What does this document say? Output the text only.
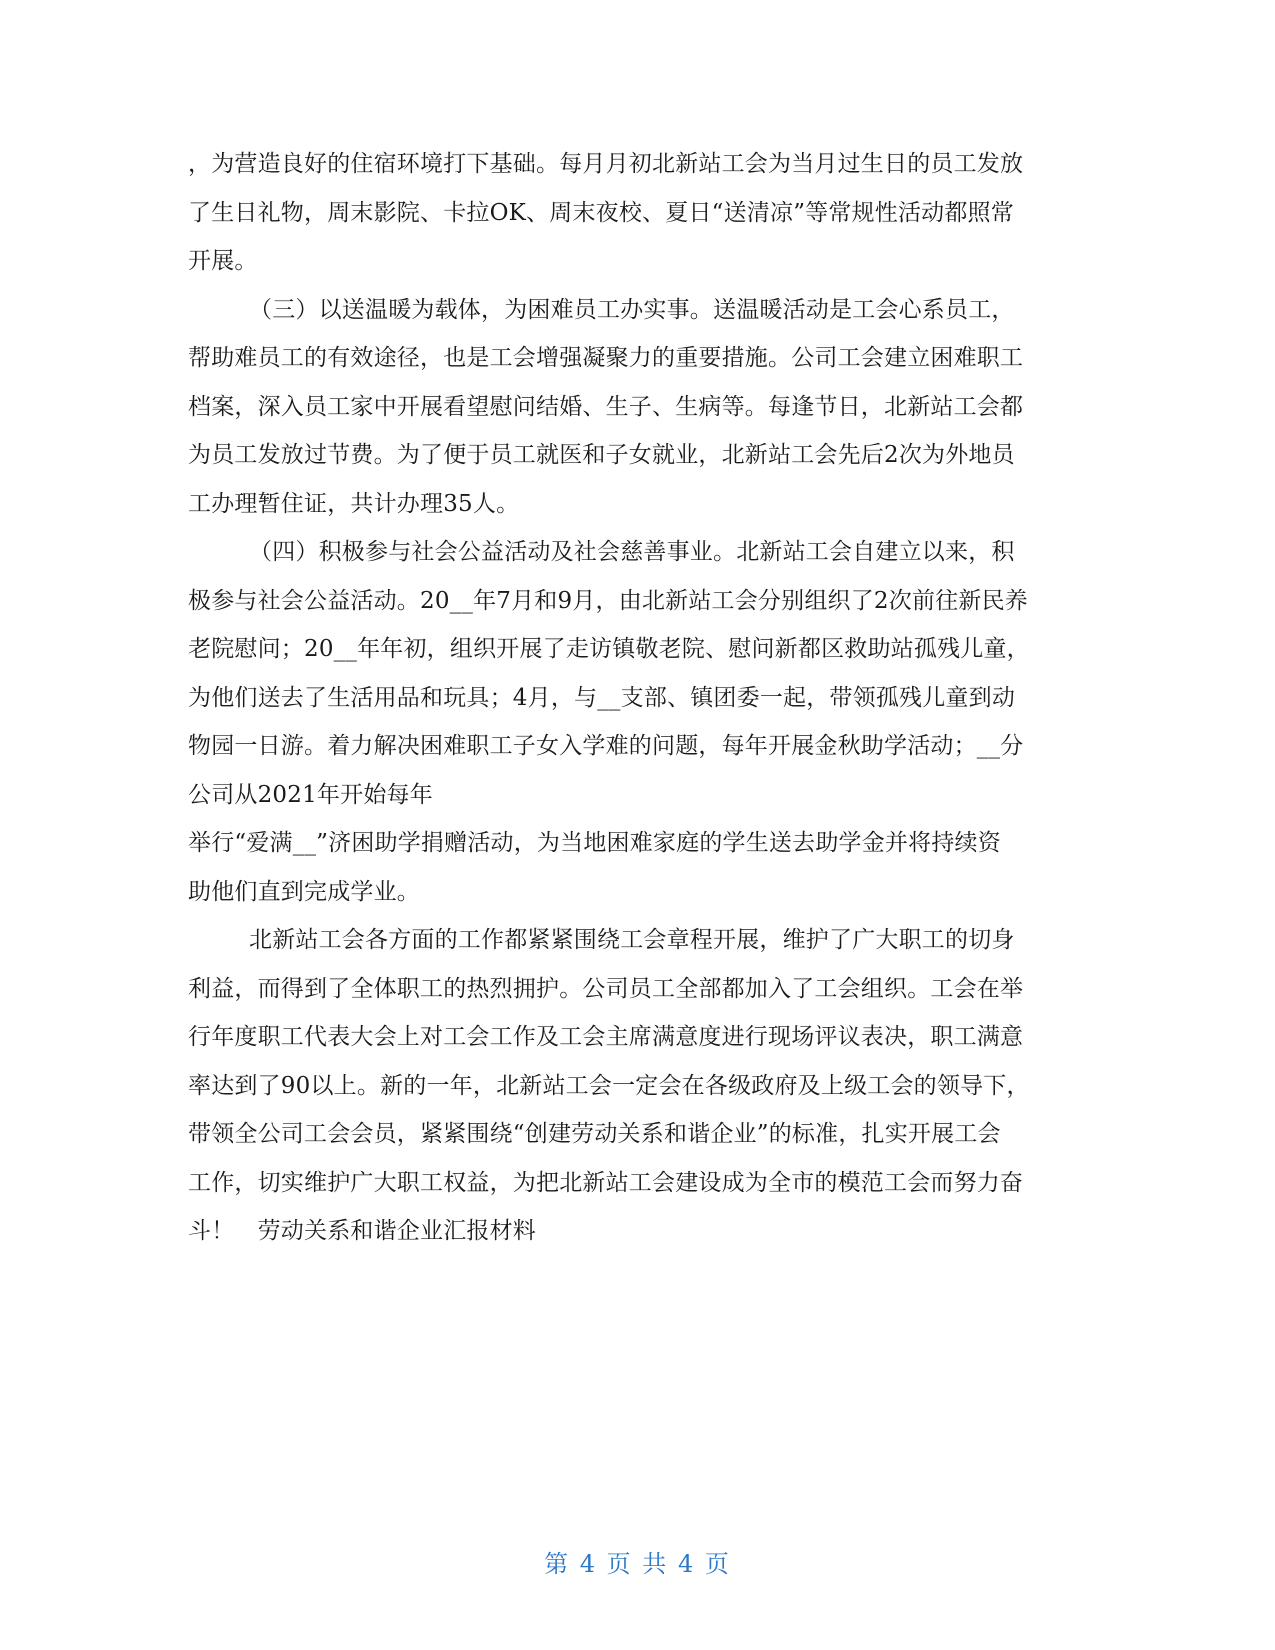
，为营造良好的住宿环境打下基础。每月月初北新站工会为当月过生日的员工发放
了生日礼物，周末影院、卡拉OK、周末夜校、夏日“送清凉”等常规性活动都照常
开展。
（三）以送温暖为载体，为困难员工办实事。送温暖活动是工会心系员工，
帮助难员工的有效途径，也是工会增强凝聚力的重要措施。公司工会建立困难职工
档案，深入员工家中开展看望慰问结婚、生子、生病等。每逢节日，北新站工会都
为员工发放过节费。为了便于员工就医和子女就业，北新站工会先后2次为外地员
工办理暂住证，共计办理35人。
（四）积极参与社会公益活动及社会慈善事业。北新站工会自建立以来，积
极参与社会公益活动。20__年7月和9月，由北新站工会分别组织了2次前往新民养
老院慰问；20__年年初，组织开展了走访镇敬老院、慰问新都区救助站孤残儿童，
为他们送去了生活用品和玩具；4月，与__支部、镇团委一起，带领孤残儿童到动
物园一日游。着力解决困难职工子女入学难的问题，每年开展金秋助学活动；__分
公司从2021年开始每年
举行“爱满__”济困助学捐赠活动，为当地困难家庭的学生送去助学金并将持续资
助他们直到完成学业。
北新站工会各方面的工作都紧紧围绕工会章程开展，维护了广大职工的切身
利益，而得到了全体职工的热烈拥护。公司员工全部都加入了工会组织。工会在举
行年度职工代表大会上对工会工作及工会主席满意度进行现场评议表决，职工满意
率达到了90以上。新的一年，北新站工会一定会在各级政府及上级工会的领导下，
带领全公司工会会员，紧紧围绕“创建劳动关系和谐企业”的标准，扎实开展工会
工作，切实维护广大职工权益，为把北新站工会建设成为全市的模范工会而努力奋
斗！　劳动关系和谐企业汇报材料
第 4 页 共 4 页
